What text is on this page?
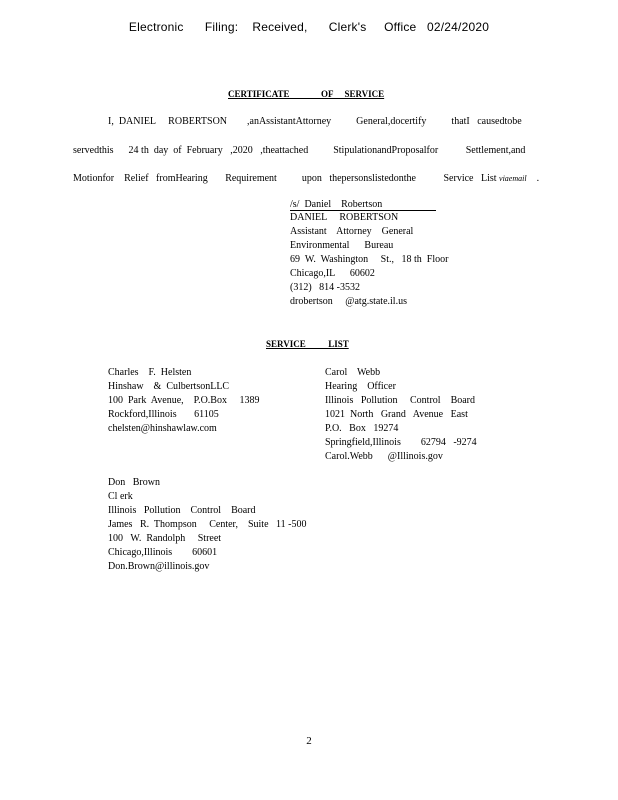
Electronic      Filing:    Received,      Clerk's     Office   02/24/2020
CERTIFICATE              OF     SERVICE
I,  DANIEL     ROBERTSON        ,anAssistantAttorney          General,docertify          thatI   causedtobe
servedthis      24 th  day  of  February   ,2020   ,theattached          StipulationandProposalfor           Settlement,and
Motionfor    Relief   fromHearing       Requirement          upon   thepersonslistedonthe           Service   List viaemail    .
/s/  Daniel    Robertson
DANIEL     ROBERTSON
Assistant    Attorney    General
Environmental      Bureau
69  W.  Washington     St.,   18 th  Floor
Chicago,IL      60602
(312)   814 -3532
drobertson     @atg.state.il.us
SERVICE          LIST
Charles    F.  Helsten
Hinshaw    &  CulbertsonLLC
100  Park  Avenue,    P.O.Box     1389
Rockford,Illinois       61105
chelsten@hinshawlaw.com
Carol    Webb
Hearing    Officer
Illinois   Pollution     Control    Board
1021  North   Grand   Avenue   East
P.O.   Box   19274
Springfield,Illinois        62794   -9274
Carol.Webb      @Illinois.gov
Don   Brown
Cl erk
Illinois   Pollution    Control    Board
James   R.  Thompson     Center,    Suite   11 -500
100   W.  Randolph     Street
Chicago,Illinois        60601
Don.Brown@illinois.gov
2
